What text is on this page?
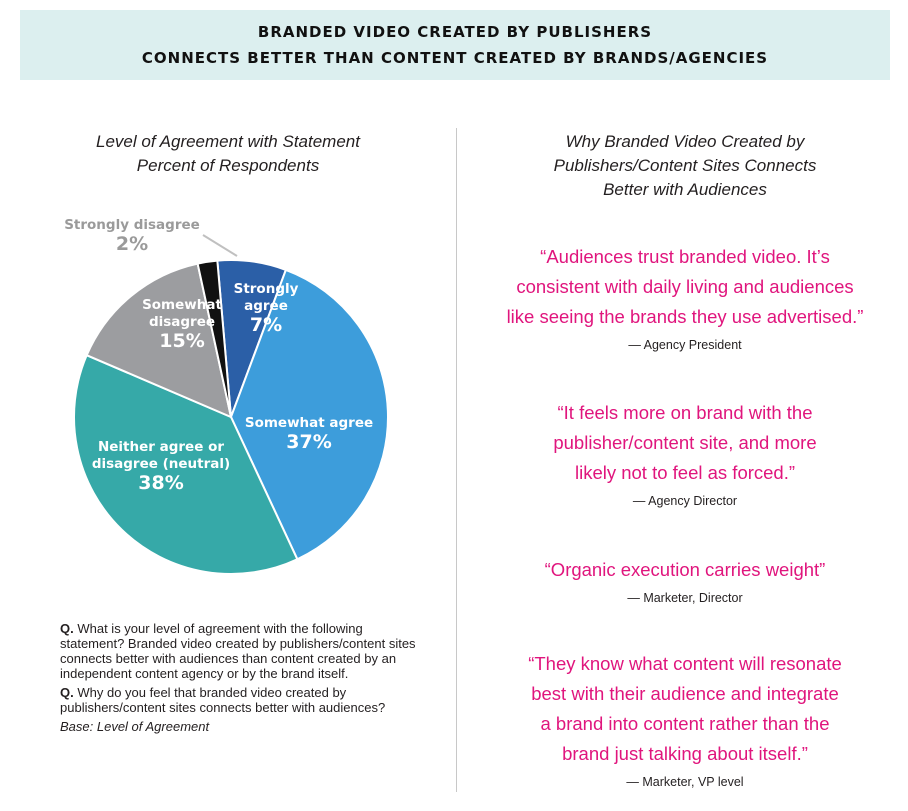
BRANDED VIDEO CREATED BY PUBLISHERS
CONNECTS BETTER THAN CONTENT CREATED BY BRANDS/AGENCIES
Level of Agreement with Statement
Percent of Respondents
Strongly
agree
7%
Somewhat agree
37%
Neither agree or
disagree (neutral)
38%
Somewhat
disagree
15%
Strongly disagree
2%

Q. What is your level of agreement with the following statement? Branded video created by publishers/content sites connects better with audiences than content created by an independent content agency or by the brand itself.

Q. Why do you feel that branded video created by publishers/content sites connects better with audiences?

Base: Level of Agreement
Why Branded Video Created by
Publishers/Content Sites Connects
Better with Audiences
“Audiences trust branded video. It’s
consistent with daily living and audiences
like seeing the brands they use advertised.”
— Agency President
“It feels more on brand with the
publisher/content site, and more
likely not to feel as forced.”
— Agency Director
“Organic execution carries weight”
— Marketer, Director
“They know what content will resonate
best with their audience and integrate
a brand into content rather than the
brand just talking about itself.”
— Marketer, VP level
